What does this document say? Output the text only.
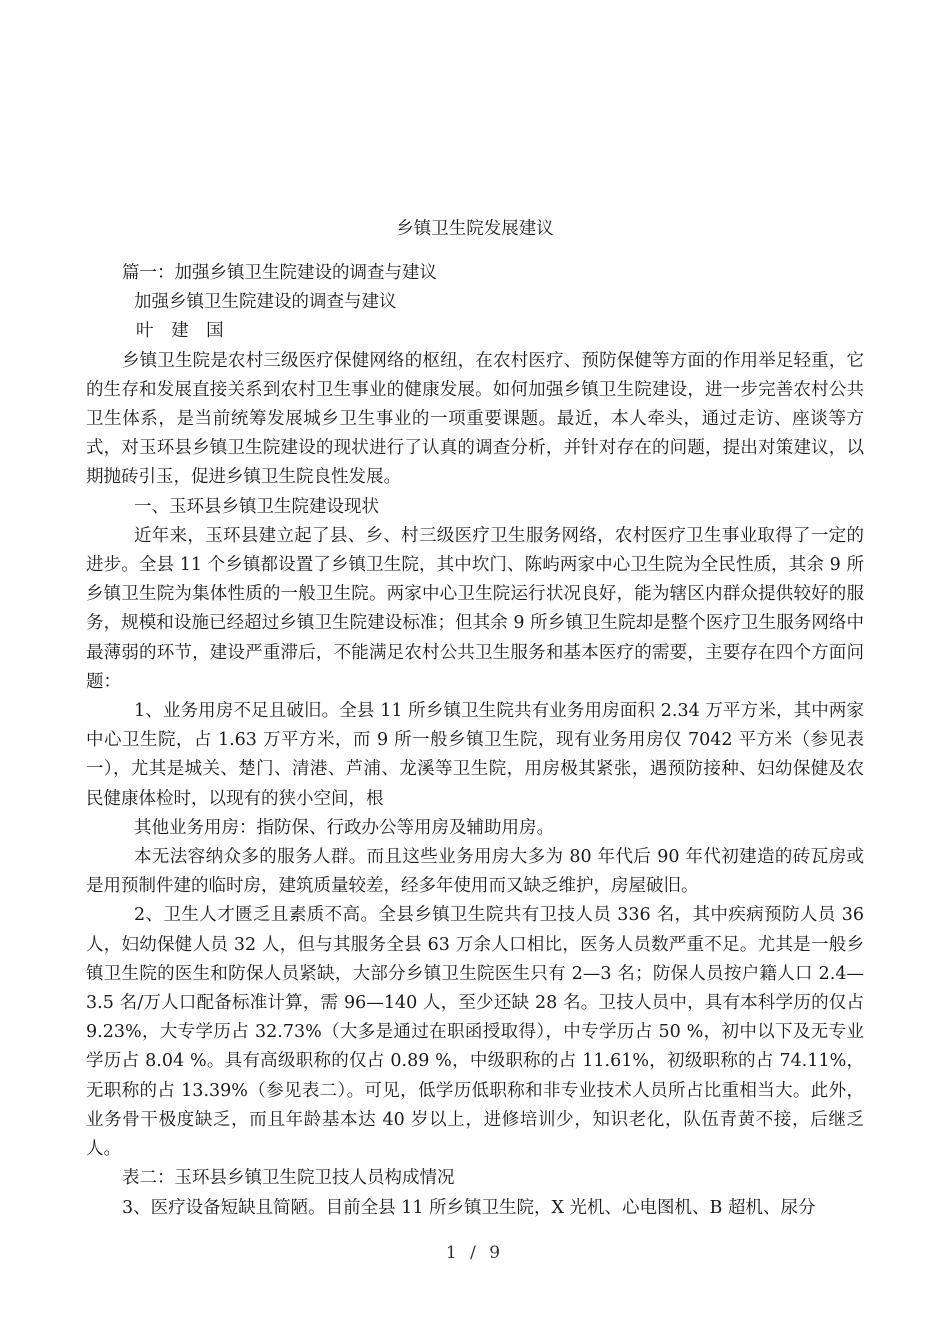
乡镇卫生院发展建议

篇一：加强乡镇卫生院建设的调查与建议

加强乡镇卫生院建设的调查与建议

叶 建 国

乡镇卫生院是农村三级医疗保健网络的枢纽，在农村医疗、预防保健等方面的作用举足轻重，它的生存和发展直接关系到农村卫生事业的健康发展。如何加强乡镇卫生院建设，进一步完善农村公共卫生体系，是当前统筹发展城乡卫生事业的一项重要课题。最近，本人牵头，通过走访、座谈等方式，对玉环县乡镇卫生院建设的现状进行了认真的调查分析，并针对存在的问题，提出对策建议，以期抛砖引玉，促进乡镇卫生院良性发展。

一、玉环县乡镇卫生院建设现状

近年来，玉环县建立起了县、乡、村三级医疗卫生服务网络，农村医疗卫生事业取得了一定的进步。全县 11 个乡镇都设置了乡镇卫生院，其中坎门、陈屿两家中心卫生院为全民性质，其余 9 所乡镇卫生院为集体性质的一般卫生院。两家中心卫生院运行状况良好，能为辖区内群众提供较好的服务，规模和设施已经超过乡镇卫生院建设标准；但其余 9 所乡镇卫生院却是整个医疗卫生服务网络中最薄弱的环节，建设严重滞后，不能满足农村公共卫生服务和基本医疗的需要，主要存在四个方面问题：

1、业务用房不足且破旧。全县 11 所乡镇卫生院共有业务用房面积 2.34 万平方米，其中两家中心卫生院，占 1.63 万平方米，而 9 所一般乡镇卫生院，现有业务用房仅 7042 平方米（参见表一），尤其是城关、楚门、清港、芦浦、龙溪等卫生院，用房极其紧张，遇预防接种、妇幼保健及农民健康体检时，以现有的狭小空间，根

其他业务用房：指防保、行政办公等用房及辅助用房。

本无法容纳众多的服务人群。而且这些业务用房大多为 80 年代后 90 年代初建造的砖瓦房或是用预制件建的临时房，建筑质量较差，经多年使用而又缺乏维护，房屋破旧。

2、卫生人才匮乏且素质不高。全县乡镇卫生院共有卫技人员 336 名，其中疾病预防人员 36 人，妇幼保健人员 32 人，但与其服务全县 63 万余人口相比，医务人员数严重不足。尤其是一般乡镇卫生院的医生和防保人员紧缺，大部分乡镇卫生院医生只有 2—3 名；防保人员按户籍人口 2.4—3.5 名/万人口配备标准计算，需 96—140 人，至少还缺 28 名。卫技人员中，具有本科学历的仅占 9.23%，大专学历占 32.73%（大多是通过在职函授取得），中专学历占 50 %，初中以下及无专业学历占 8.04 %。具有高级职称的仅占 0.89 %，中级职称的占 11.61%，初级职称的占 74.11%，无职称的占 13.39%（参见表二）。可见，低学历低职称和非专业技术人员所占比重相当大。此外，业务骨干极度缺乏，而且年龄基本达 40 岁以上，进修培训少，知识老化，队伍青黄不接，后继乏人。

表二：玉环县乡镇卫生院卫技人员构成情况

3、医疗设备短缺且简陋。目前全县 11 所乡镇卫生院，X 光机、心电图机、B 超机、尿分

1 / 9
